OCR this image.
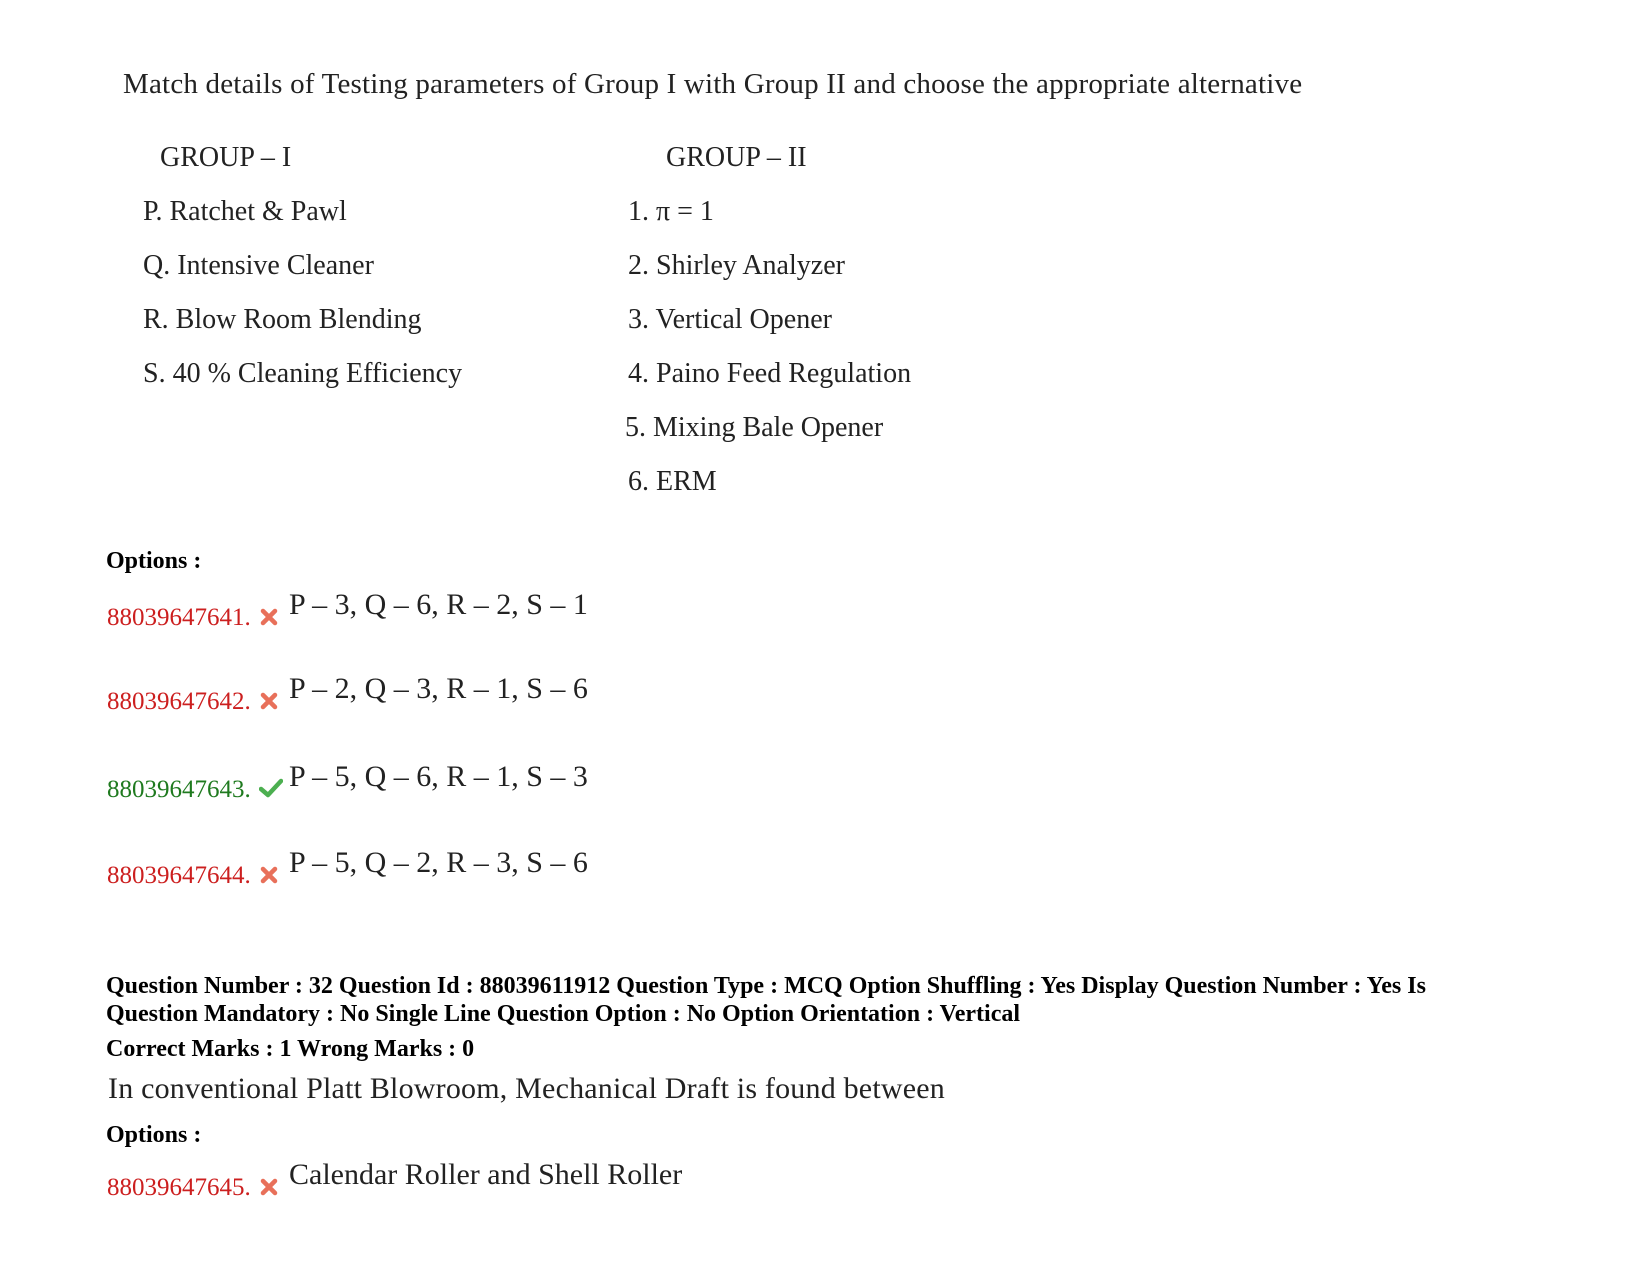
Match details of Testing parameters of Group I with Group II and choose the appropriate alternative
GROUP – I	GROUP – II
P. Ratchet & Pawl
Q. Intensive Cleaner
R. Blow Room Blending
S. 40 % Cleaning Efficiency
1. π = 1
2. Shirley Analyzer
3. Vertical Opener
4. Paino Feed Regulation
5. Mixing Bale Opener
6. ERM
Options :
88039647641. P – 3, Q – 6, R – 2, S – 1
88039647642. P – 2, Q – 3, R – 1, S – 6
88039647643. P – 5, Q – 6, R – 1, S – 3
88039647644. P – 5, Q – 2, R – 3, S – 6
Question Number : 32 Question Id : 88039611912 Question Type : MCQ Option Shuffling : Yes Display Question Number : Yes Is
Question Mandatory : No Single Line Question Option : No Option Orientation : Vertical
Correct Marks : 1 Wrong Marks : 0
In conventional Platt Blowroom, Mechanical Draft is found between
Options :
88039647645. Calendar Roller and Shell Roller
